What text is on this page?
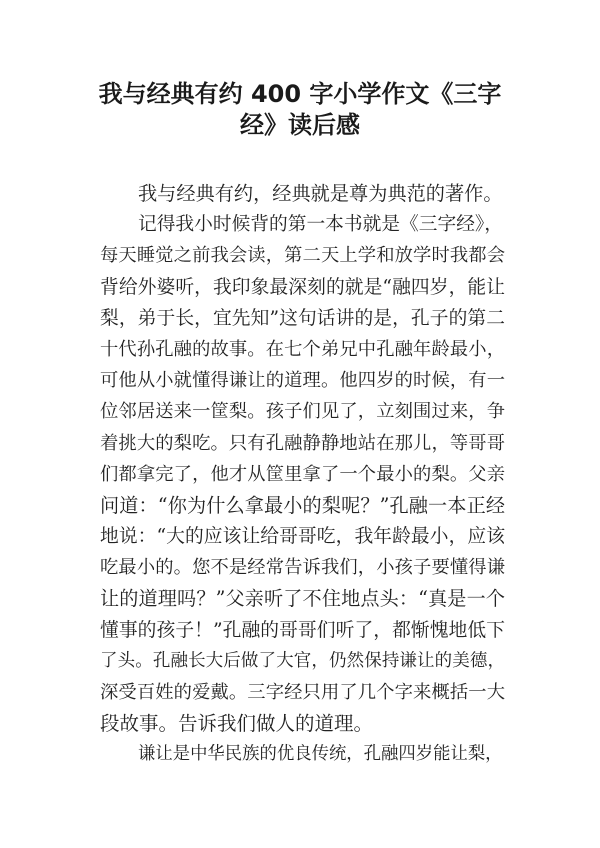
我与经典有约 400 字小学作文《三字
经》读后感
我与经典有约，经典就是尊为典范的著作。
记得我小时候背的第一本书就是《三字经》，
每天睡觉之前我会读，第二天上学和放学时我都会
背给外婆听，我印象最深刻的就是“融四岁，能让
梨，弟于长，宜先知”这句话讲的是，孔子的第二
十代孙孔融的故事。在七个弟兄中孔融年龄最小，
可他从小就懂得谦让的道理。他四岁的时候，有一
位邻居送来一筐梨。孩子们见了，立刻围过来，争
着挑大的梨吃。只有孔融静静地站在那儿，等哥哥
们都拿完了，他才从筐里拿了一个最小的梨。父亲
问道：“你为什么拿最小的梨呢？”孔融一本正经
地说：“大的应该让给哥哥吃，我年龄最小，应该
吃最小的。您不是经常告诉我们，小孩子要懂得谦
让的道理吗？”父亲听了不住地点头：“真是一个
懂事的孩子！”孔融的哥哥们听了，都惭愧地低下
了头。孔融长大后做了大官，仍然保持谦让的美德，
深受百姓的爱戴。三字经只用了几个字来概括一大
段故事。告诉我们做人的道理。
谦让是中华民族的优良传统，孔融四岁能让梨，
